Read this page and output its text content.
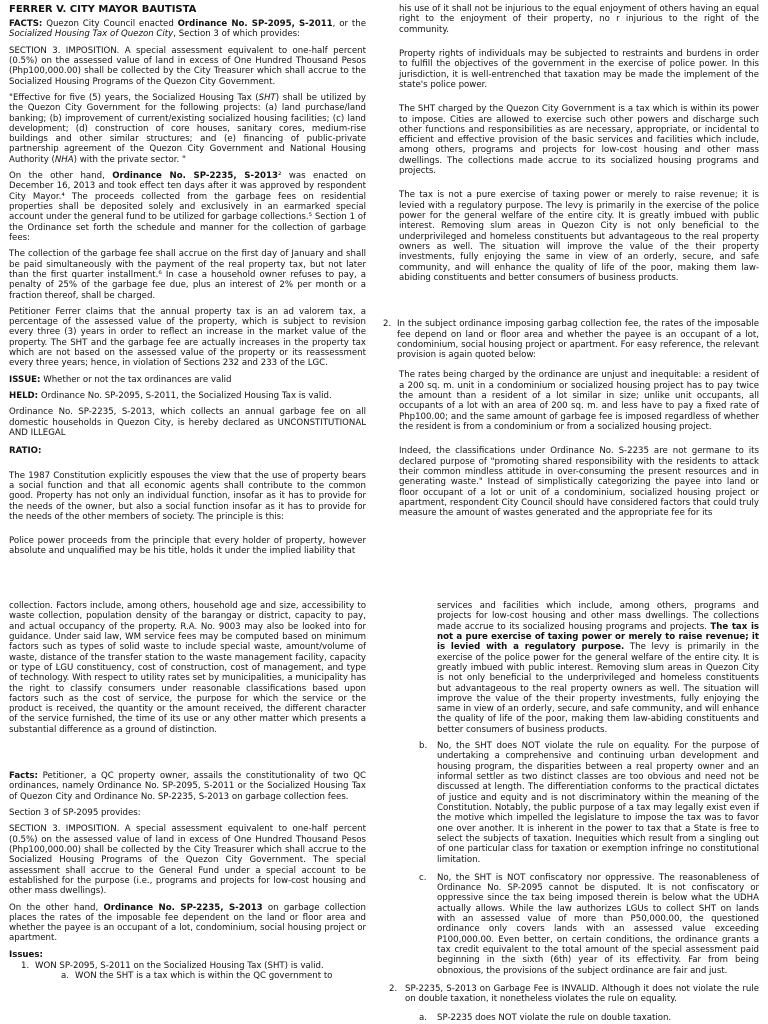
FERRER V. CITY MAYOR BAUTISTA

FACTS: Quezon City Council enacted Ordinance No. SP-2095, S-2011, or the Socialized Housing Tax of Quezon City, Section 3 of which provides:

SECTION 3. IMPOSITION. A special assessment equivalent to one-half percent (0.5%) on the assessed value of land in excess of One Hundred Thousand Pesos (Php100,000.00) shall be collected by the City Treasurer which shall accrue to the Socialized Housing Programs of the Quezon City Government.

"Effective for five (5) years, the Socialized Housing Tax (SHT) shall be utilized by the Quezon City Government for the following projects: (a) land purchase/land banking; (b) improvement of current/existing socialized housing facilities; (c) land development; (d) construction of core houses, sanitary cores, medium-rise buildings and other similar structures; and (e) financing of public-private partnership agreement of the Quezon City Government and National Housing Authority (NHA) with the private sector. "

On the other hand, Ordinance No. SP-2235, S-2013² was enacted on December 16, 2013 and took effect ten days after it was approved by respondent City Mayor.⁴ The proceeds collected from the garbage fees on residential properties shall be deposited solely and exclusively in an earmarked special account under the general fund to be utilized for garbage collections.⁵ Section 1 of the Ordinance set forth the schedule and manner for the collection of garbage fees:

The collection of the garbage fee shall accrue on the first day of January and shall be paid simultaneously with the payment of the real property tax, but not later than the first quarter installment.⁶ In case a household owner refuses to pay, a penalty of 25% of the garbage fee due, plus an interest of 2% per month or a fraction thereof, shall be charged.

Petitioner Ferrer claims that the annual property tax is an ad valorem tax, a percentage of the assessed value of the property, which is subject to revision every three (3) years in order to reflect an increase in the market value of the property. The SHT and the garbage fee are actually increases in the property tax which are not based on the assessed value of the property or its reassessment every three years; hence, in violation of Sections 232 and 233 of the LGC.

ISSUE: Whether or not the tax ordinances are valid

HELD: Ordinance No. SP-2095, S-2011, the Socialized Housing Tax is valid.

Ordinance No. SP-2235, S-2013, which collects an annual garbage fee on all domestic households in Quezon City, is hereby declared as UNCONSTITUTIONAL AND ILLEGAL

RATIO:

The 1987 Constitution explicitly espouses the view that the use of property bears a social function and that all economic agents shall contribute to the common good. Property has not only an individual function, insofar as it has to provide for the needs of the owner, but also a social function insofar as it has to provide for the needs of the other members of society. The principle is this:

Police power proceeds from the principle that every holder of property, however absolute and unqualified may be his title, holds it under the implied liability that

his use of it shall not be injurious to the equal enjoyment of others having an equal right to the enjoyment of their property, no r injurious to the right of the community.

Property rights of individuals may be subjected to restraints and burdens in order to fulfill the objectives of the government in the exercise of police power. In this jurisdiction, it is well-entrenched that taxation may be made the implement of the state's police power.

The SHT charged by the Quezon City Government is a tax which is within its power to impose. Cities are allowed to exercise such other powers and discharge such other functions and responsibilities as are necessary, appropriate, or incidental to efficient and effective provision of the basic services and facilities which include, among others, programs and projects for low-cost housing and other mass dwellings. The collections made accrue to its socialized housing programs and projects.

The tax is not a pure exercise of taxing power or merely to raise revenue; it is levied with a regulatory purpose. The levy is primarily in the exercise of the police power for the general welfare of the entire city. It is greatly imbued with public interest. Removing slum areas in Quezon City is not only beneficial to the underprivileged and homeless constituents but advantageous to the real property owners as well. The situation will improve the value of the their property investments, fully enjoying the same in view of an orderly, secure, and safe community, and will enhance the quality of life of the poor, making them law-abiding constituents and better consumers of business products.

2. In the subject ordinance imposing garbag collection fee, the rates of the imposable fee depend on land or floor area and whether the payee is an occupant of a lot, condominium, social housing project or apartment. For easy reference, the relevant provision is again quoted below:

The rates being charged by the ordinance are unjust and inequitable: a resident of a 200 sq. m. unit in a condominium or socialized housing project has to pay twice the amount than a resident of a lot similar in size; unlike unit occupants, all occupants of a lot with an area of 200 sq. m. and less have to pay a fixed rate of Php100.00; and the same amount of garbage fee is imposed regardless of whether the resident is from a condominium or from a socialized housing project.

Indeed, the classifications under Ordinance No. S-2235 are not germane to its declared purpose of "promoting shared responsibility with the residents to attack their common mindless attitude in over-consuming the present resources and in generating waste." Instead of simplistically categorizing the payee into land or floor occupant of a lot or unit of a condominium, socialized housing project or apartment, respondent City Council should have considered factors that could truly measure the amount of wastes generated and the appropriate fee for its

collection. Factors include, among others, household age and size, accessibility to waste collection, population density of the barangay or district, capacity to pay, and actual occupancy of the property. R.A. No. 9003 may also be looked into for guidance. Under said law, WM service fees may be computed based on minimum factors such as types of solid waste to include special waste, amount/volume of waste, distance of the transfer station to the waste management facility, capacity or type of LGU constituency, cost of construction, cost of management, and type of technology. With respect to utility rates set by municipalities, a municipality has the right to classify consumers under reasonable classifications based upon factors such as the cost of service, the purpose for which the service or the product is received, the quantity or the amount received, the different character of the service furnished, the time of its use or any other matter which presents a substantial difference as a ground of distinction.

Facts: Petitioner, a QC property owner, assails the constitutionality of two QC ordinances, namely Ordinance No. SP-2095, S-2011 or the Socialized Housing Tax of Quezon City and Ordinance No. SP-2235, S-2013 on garbage collection fees.

Section 3 of SP-2095 provides:

SECTION 3. IMPOSITION. A special assessment equivalent to one-half percent (0.5%) on the assessed value of land in excess of One Hundred Thousand Pesos (Php100,000.00) shall be collected by the City Treasurer which shall accrue to the Socialized Housing Programs of the Quezon City Government. The special assessment shall accrue to the General Fund under a special account to be established for the purpose (i.e., programs and projects for low-cost housing and other mass dwellings).

On the other hand, Ordinance No. SP-2235, S-2013 on garbage collection places the rates of the imposable fee dependent on the land or floor area and whether the payee is an occupant of a lot, condominium, social housing project or apartment.

Issues:

1. WON SP-2095, S-2011 on the Socialized Housing Tax (SHT) is valid.
a. WON the SHT is a tax which is within the QC government to

services and facilities which include, among others, programs and projects for low-cost housing and other mass dwellings. The collections made accrue to its socialized housing programs and projects. The tax is not a pure exercise of taxing power or merely to raise revenue; it is levied with a regulatory purpose. The levy is primarily in the exercise of the police power for the general welfare of the entire city. It is greatly imbued with public interest. Removing slum areas in Quezon City is not only beneficial to the underprivileged and homeless constituents but advantageous to the real property owners as well. The situation will improve the value of the their property investments, fully enjoying the same in view of an orderly, secure, and safe community, and will enhance the quality of life of the poor, making them law-abiding constituents and better consumers of business products.

b.	No, the SHT does NOT violate the rule on equality. For the purpose of undertaking a comprehensive and continuing urban development and housing program, the disparities between a real property owner and an informal settler as two distinct classes are too obvious and need not be discussed at length. The differentiation conforms to the practical dictates of justice and equity and is not discriminatory within the meaning of the Constitution. Notably, the public purpose of a tax may legally exist even if the motive which impelled the legislature to impose the tax was to favor one over another. It is inherent in the power to tax that a State is free to select the subjects of taxation. Inequities which result from a singling out of one particular class for taxation or exemption infringe no constitutional limitation.
c.	No, the SHT is NOT confiscatory nor oppressive. The reasonableness of Ordinance No. SP-2095 cannot be disputed. It is not confiscatory or oppressive since the tax being imposed therein is below what the UDHA actually allows. While the law authorizes LGUs to collect SHT on lands with an assessed value of more than P50,000.00, the questioned ordinance only covers lands with an assessed value exceeding P100,000.00. Even better, on certain conditions, the ordinance grants a tax credit equivalent to the total amount of the special assessment paid beginning in the sixth (6th) year of its effectivity. Far from being obnoxious, the provisions of the subject ordinance are fair and just.
2. SP-2235, S-2013 on Garbage Fee is INVALID. Although it does not violate the rule on double taxation, it nonetheless violates the rule on equality.
a.	SP-2235 does NOT violate the rule on double taxation.
